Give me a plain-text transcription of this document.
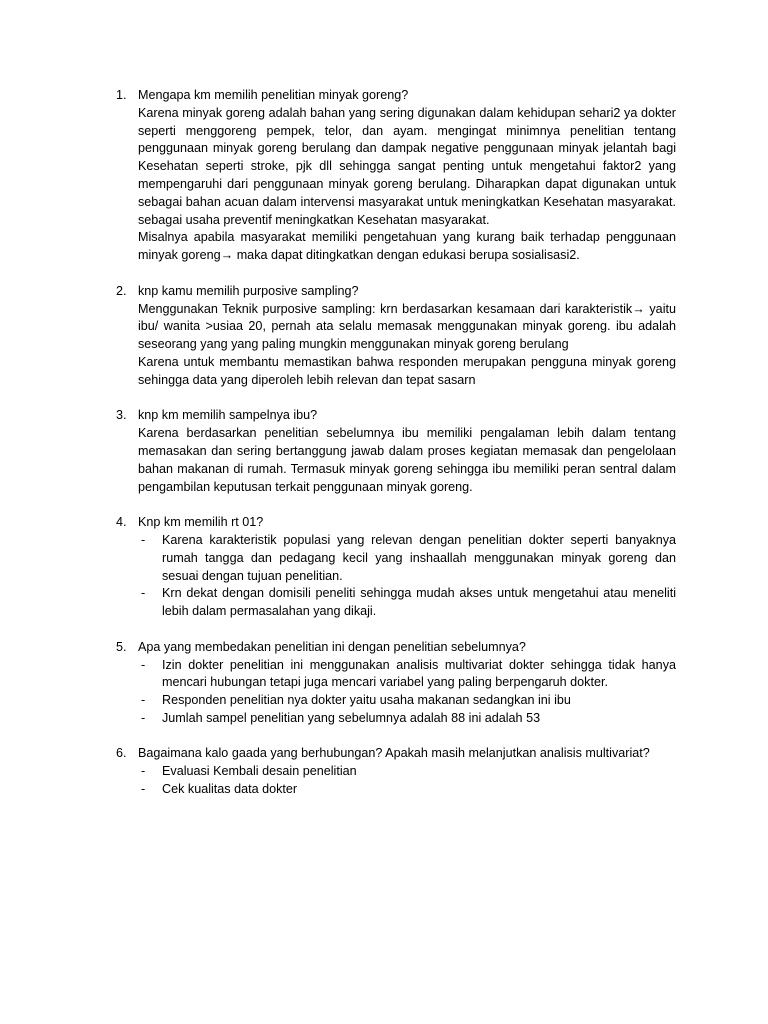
1. Mengapa km memilih penelitian minyak goreng?
Karena minyak goreng adalah bahan yang sering digunakan dalam kehidupan sehari2 ya dokter seperti menggoreng pempek, telor, dan ayam. mengingat minimnya penelitian tentang penggunaan minyak goreng berulang dan dampak negative penggunaan minyak jelantah bagi Kesehatan seperti stroke, pjk dll sehingga sangat penting untuk mengetahui faktor2 yang mempengaruhi dari penggunaan minyak goreng berulang. Diharapkan dapat digunakan untuk sebagai bahan acuan dalam intervensi masyarakat untuk meningkatkan Kesehatan masyarakat. sebagai usaha preventif meningkatkan Kesehatan masyarakat.
Misalnya apabila masyarakat memiliki pengetahuan yang kurang baik terhadap penggunaan minyak goreng→ maka dapat ditingkatkan dengan edukasi berupa sosialisasi2.
2. knp kamu memilih purposive sampling?
Menggunakan Teknik purposive sampling: krn berdasarkan kesamaan dari karakteristik→ yaitu ibu/ wanita >usiaa 20, pernah ata selalu memasak menggunakan minyak goreng. ibu adalah seseorang yang yang paling mungkin menggunakan minyak goreng berulang
Karena untuk membantu memastikan bahwa responden merupakan pengguna minyak goreng sehingga data yang diperoleh lebih relevan dan tepat sasarn
3. knp km memilih sampelnya ibu?
Karena berdasarkan penelitian sebelumnya ibu memiliki pengalaman lebih dalam tentang memasakan dan sering bertanggung jawab dalam proses kegiatan memasak dan pengelolaan bahan makanan di rumah. Termasuk minyak goreng sehingga ibu memiliki peran sentral dalam pengambilan keputusan terkait penggunaan minyak goreng.
4. Knp km memilih rt 01?
- Karena karakteristik populasi yang relevan dengan penelitian dokter seperti banyaknya rumah tangga dan pedagang kecil yang inshaallah menggunakan minyak goreng dan sesuai dengan tujuan penelitian.
- Krn dekat dengan domisili peneliti sehingga mudah akses untuk mengetahui atau meneliti lebih dalam permasalahan yang dikaji.
5. Apa yang membedakan penelitian ini dengan penelitian sebelumnya?
- Izin dokter penelitian ini menggunakan analisis multivariat dokter sehingga tidak hanya mencari hubungan tetapi juga mencari variabel yang paling berpengaruh dokter.
- Responden penelitian nya dokter yaitu usaha makanan sedangkan ini ibu
- Jumlah sampel penelitian yang sebelumnya adalah 88 ini adalah 53
6. Bagaimana kalo gaada yang berhubungan? Apakah masih melanjutkan analisis multivariat?
- Evaluasi Kembali desain penelitian
- Cek kualitas data dokter
